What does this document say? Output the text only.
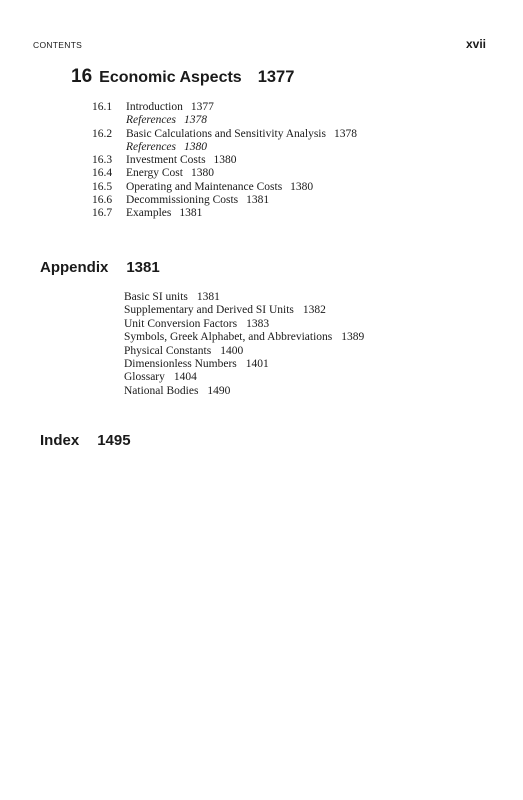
CONTENTS	xvii
16 Economic Aspects 1377
16.1	Introduction 1377
References 1378
16.2	Basic Calculations and Sensitivity Analysis 1378
References 1380
16.3	Investment Costs 1380
16.4	Energy Cost 1380
16.5	Operating and Maintenance Costs 1380
16.6	Decommissioning Costs 1381
16.7	Examples 1381
Appendix 1381
Basic SI units 1381
Supplementary and Derived SI Units 1382
Unit Conversion Factors 1383
Symbols, Greek Alphabet, and Abbreviations 1389
Physical Constants 1400
Dimensionless Numbers 1401
Glossary 1404
National Bodies 1490
Index 1495
